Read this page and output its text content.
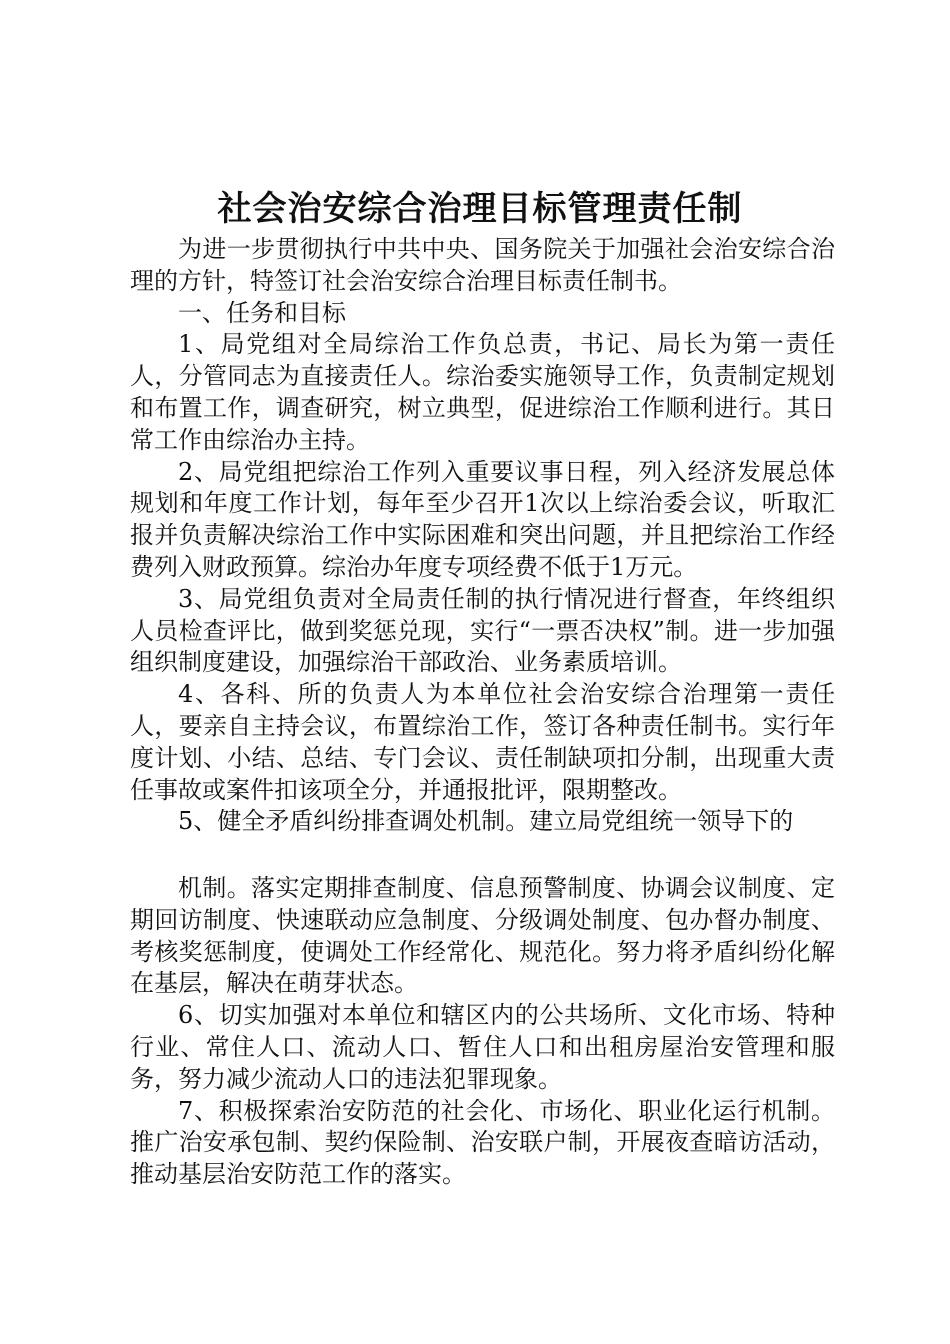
社会治安综合治理目标管理责任制

为进一步贯彻执行中共中央、国务院关于加强社会治安综合治理的方针，特签订社会治安综合治理目标责任制书。

一、任务和目标

1、局党组对全局综治工作负总责，书记、局长为第一责任人，分管同志为直接责任人。综治委实施领导工作，负责制定规划和布置工作，调查研究，树立典型，促进综治工作顺利进行。其日常工作由综治办主持。

2、局党组把综治工作列入重要议事日程，列入经济发展总体规划和年度工作计划，每年至少召开1次以上综治委会议，听取汇报并负责解决综治工作中实际困难和突出问题，并且把综治工作经费列入财政预算。综治办年度专项经费不低于1万元。

3、局党组负责对全局责任制的执行情况进行督查，年终组织人员检查评比，做到奖惩兑现，实行“一票否决权”制。进一步加强组织制度建设，加强综治干部政治、业务素质培训。

4、各科、所的负责人为本单位社会治安综合治理第一责任人，要亲自主持会议，布置综治工作，签订各种责任制书。实行年度计划、小结、总结、专门会议、责任制缺项扣分制，出现重大责任事故或案件扣该项全分，并通报批评，限期整改。

5、健全矛盾纠纷排查调处机制。建立局党组统一领导下的

机制。落实定期排查制度、信息预警制度、协调会议制度、定期回访制度、快速联动应急制度、分级调处制度、包办督办制度、考核奖惩制度，使调处工作经常化、规范化。努力将矛盾纠纷化解在基层，解决在萌芽状态。

6、切实加强对本单位和辖区内的公共场所、文化市场、特种行业、常住人口、流动人口、暂住人口和出租房屋治安管理和服务，努力减少流动人口的违法犯罪现象。

7、积极探索治安防范的社会化、市场化、职业化运行机制。推广治安承包制、契约保险制、治安联户制，开展夜查暗访活动，推动基层治安防范工作的落实。
